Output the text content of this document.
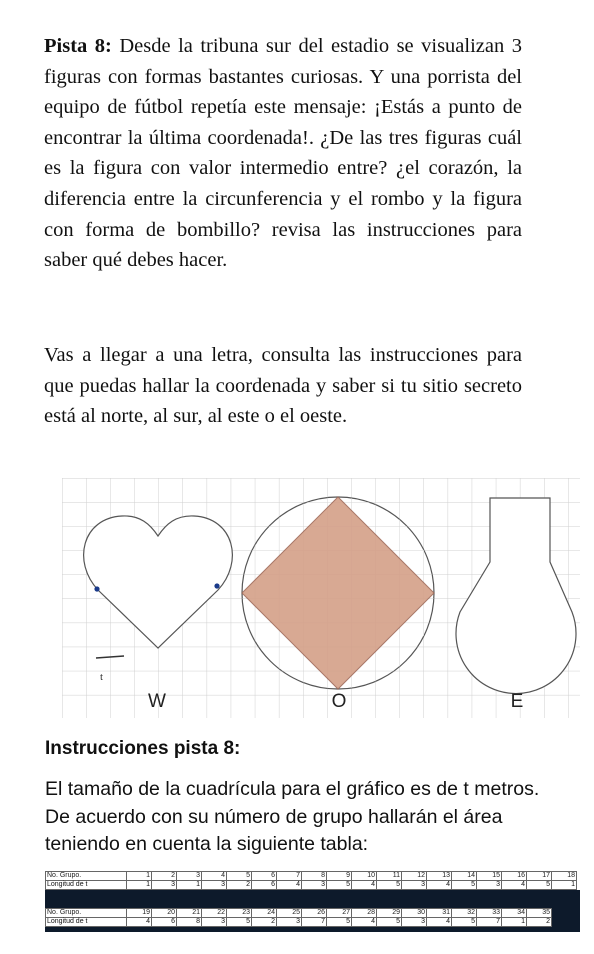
Pista 8: Desde la tribuna sur del estadio se visualizan 3 figuras con formas bastantes curiosas. Y una porrista del equipo de fútbol repetía este mensaje: ¡Estás a punto de encontrar la última coordenada!. ¿De las tres figuras cuál es la figura con valor intermedio entre? ¿el corazón, la diferencia entre la circunferencia y el rombo y la figura con forma de bombillo? revisa las instrucciones para saber qué debes hacer.
Vas a llegar a una letra, consulta las instrucciones para que puedas hallar la coordenada y saber si tu sitio secreto está al norte, al sur, al este o el oeste.
t
W	O	E
Instrucciones pista 8:
El tamaño de la cuadrícula para el gráfico es de t metros. De acuerdo con su número de grupo hallarán el área teniendo en cuenta la siguiente tabla:
No. Grupo.	1	2	3	4	5	6	7	8	9	10	11	12	13	14	15	16	17	18
Longitud de t	1	3	1	3	2	6	4	3	5	4	5	3	4	5	3	4	5	1
No. Grupo.	19	20	21	22	23	24	25	26	27	28	29	30	31	32	33	34	35
Longitud de t	4	6	8	3	5	2	3	7	5	4	5	3	4	5	7	1	2
